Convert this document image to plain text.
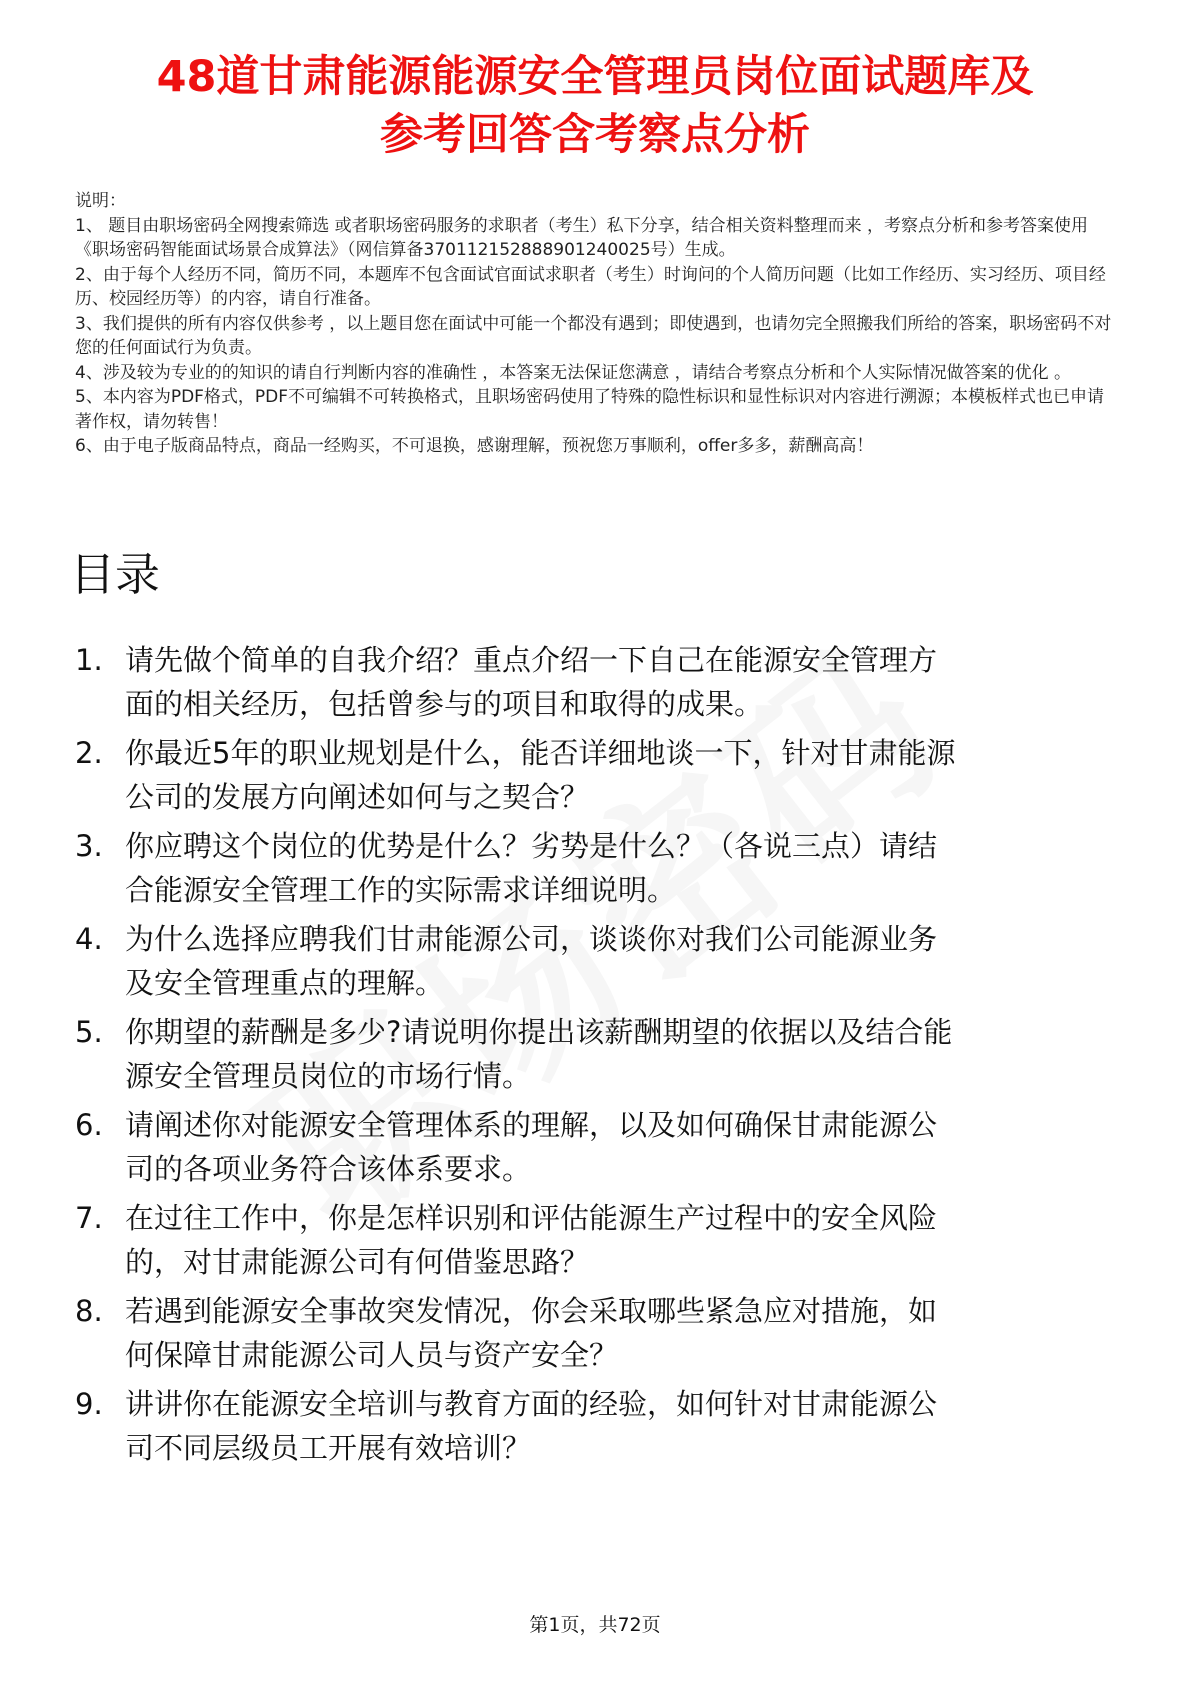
48道甘肃能源能源安全管理员岗位面试题库及
参考回答含考察点分析

说明：

1、 题目由职场密码全网搜索筛选 或者职场密码服务的求职者（考生）私下分享，结合相关资料整理而来 ，考察点分析和参考答案使用《职场密码智能面试场景合成算法》（网信算备370112152888901240025号）生成。

2、由于每个人经历不同，简历不同，本题库不包含面试官面试求职者（考生）时询问的个人简历问题（比如工作经历、实习经历、项目经历、校园经历等）的内容，请自行准备。

3、我们提供的所有内容仅供参考 ，以上题目您在面试中可能一个都没有遇到；即使遇到，也请勿完全照搬我们所给的答案，职场密码不对您的任何面试行为负责。

4、涉及较为专业的的知识的请自行判断内容的准确性 ，本答案无法保证您满意 ，请结合考察点分析和个人实际情况做答案的优化 。

5、本内容为PDF格式，PDF不可编辑不可转换格式，且职场密码使用了特殊的隐性标识和显性标识对内容进行溯源；本模板样式也已申请著作权，请勿转售！

6、由于电子版商品特点，商品一经购买，不可退换，感谢理解，预祝您万事顺利，offer多多，薪酬高高！

目录
1. 请先做个简单的自我介绍？重点介绍一下自己在能源安全管理方
面的相关经历，包括曾参与的项目和取得的成果。
2. 你最近5年的职业规划是什么，能否详细地谈一下，针对甘肃能源
公司的发展方向阐述如何与之契合？
3. 你应聘这个岗位的优势是什么？劣势是什么？（各说三点）请结
合能源安全管理工作的实际需求详细说明。
4. 为什么选择应聘我们甘肃能源公司，谈谈你对我们公司能源业务
及安全管理重点的理解。
5. 你期望的薪酬是多少?请说明你提出该薪酬期望的依据以及结合能
源安全管理员岗位的市场行情。
6. 请阐述你对能源安全管理体系的理解，以及如何确保甘肃能源公
司的各项业务符合该体系要求。
7. 在过往工作中，你是怎样识别和评估能源生产过程中的安全风险
的，对甘肃能源公司有何借鉴思路？
8. 若遇到能源安全事故突发情况，你会采取哪些紧急应对措施，如
何保障甘肃能源公司人员与资产安全？
9. 讲讲你在能源安全培训与教育方面的经验，如何针对甘肃能源公
司不同层级员工开展有效培训？
第1页，共72页
